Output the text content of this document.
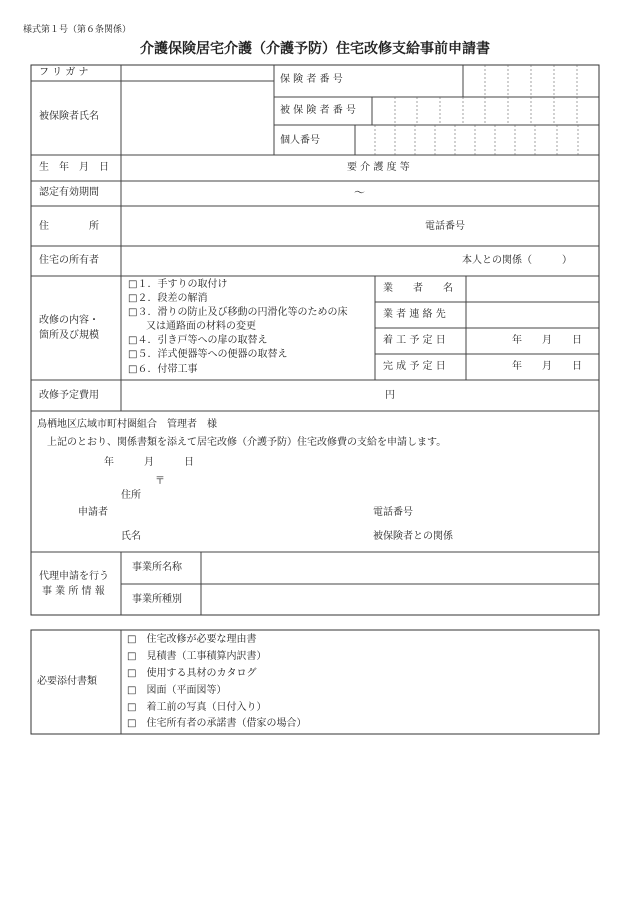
様式第１号（第６条関係）
介護保険居宅介護（介護予防）住宅改修支給事前申請書
フ リ ガ ナ
被保険者氏名
保 険 者 番 号
被 保 険 者 番 号
個人番号
生　年　月　日	要 介 護 度 等
認定有効期間	～
住　　　　所	電話番号
住宅の所有者	本人との関係（　　　）
改修の内容・
箇所及び規模
□１．手すりの取付け
□２．段差の解消
□３．滑りの防止及び移動の円滑化等のための床
又は通路面の材料の変更
□４．引き戸等への扉の取替え
□５．洋式便器等への便器の取替え
□６．付帯工事
業　　者　　名
業 者 連 絡 先
着 工 予 定 日	年　　月　　日
完 成 予 定 日	年　　月　　日
改修予定費用	円
鳥栖地区広域市町村圏組合　管理者　様
上記のとおり、関係書類を添えて居宅改修（介護予防）住宅改修費の支給を申請します。
年　　　月　　　日
〒
住所
申請者	電話番号
氏名	被保険者との関係
代理申請を行う
事 業 所 情 報
事業所名称
事業所種別
必要添付書類
□　住宅改修が必要な理由書
□　見積書（工事積算内訳書）
□　使用する具材のカタログ
□　図面（平面図等）
□　着工前の写真（日付入り）
□　住宅所有者の承諾書（借家の場合）
